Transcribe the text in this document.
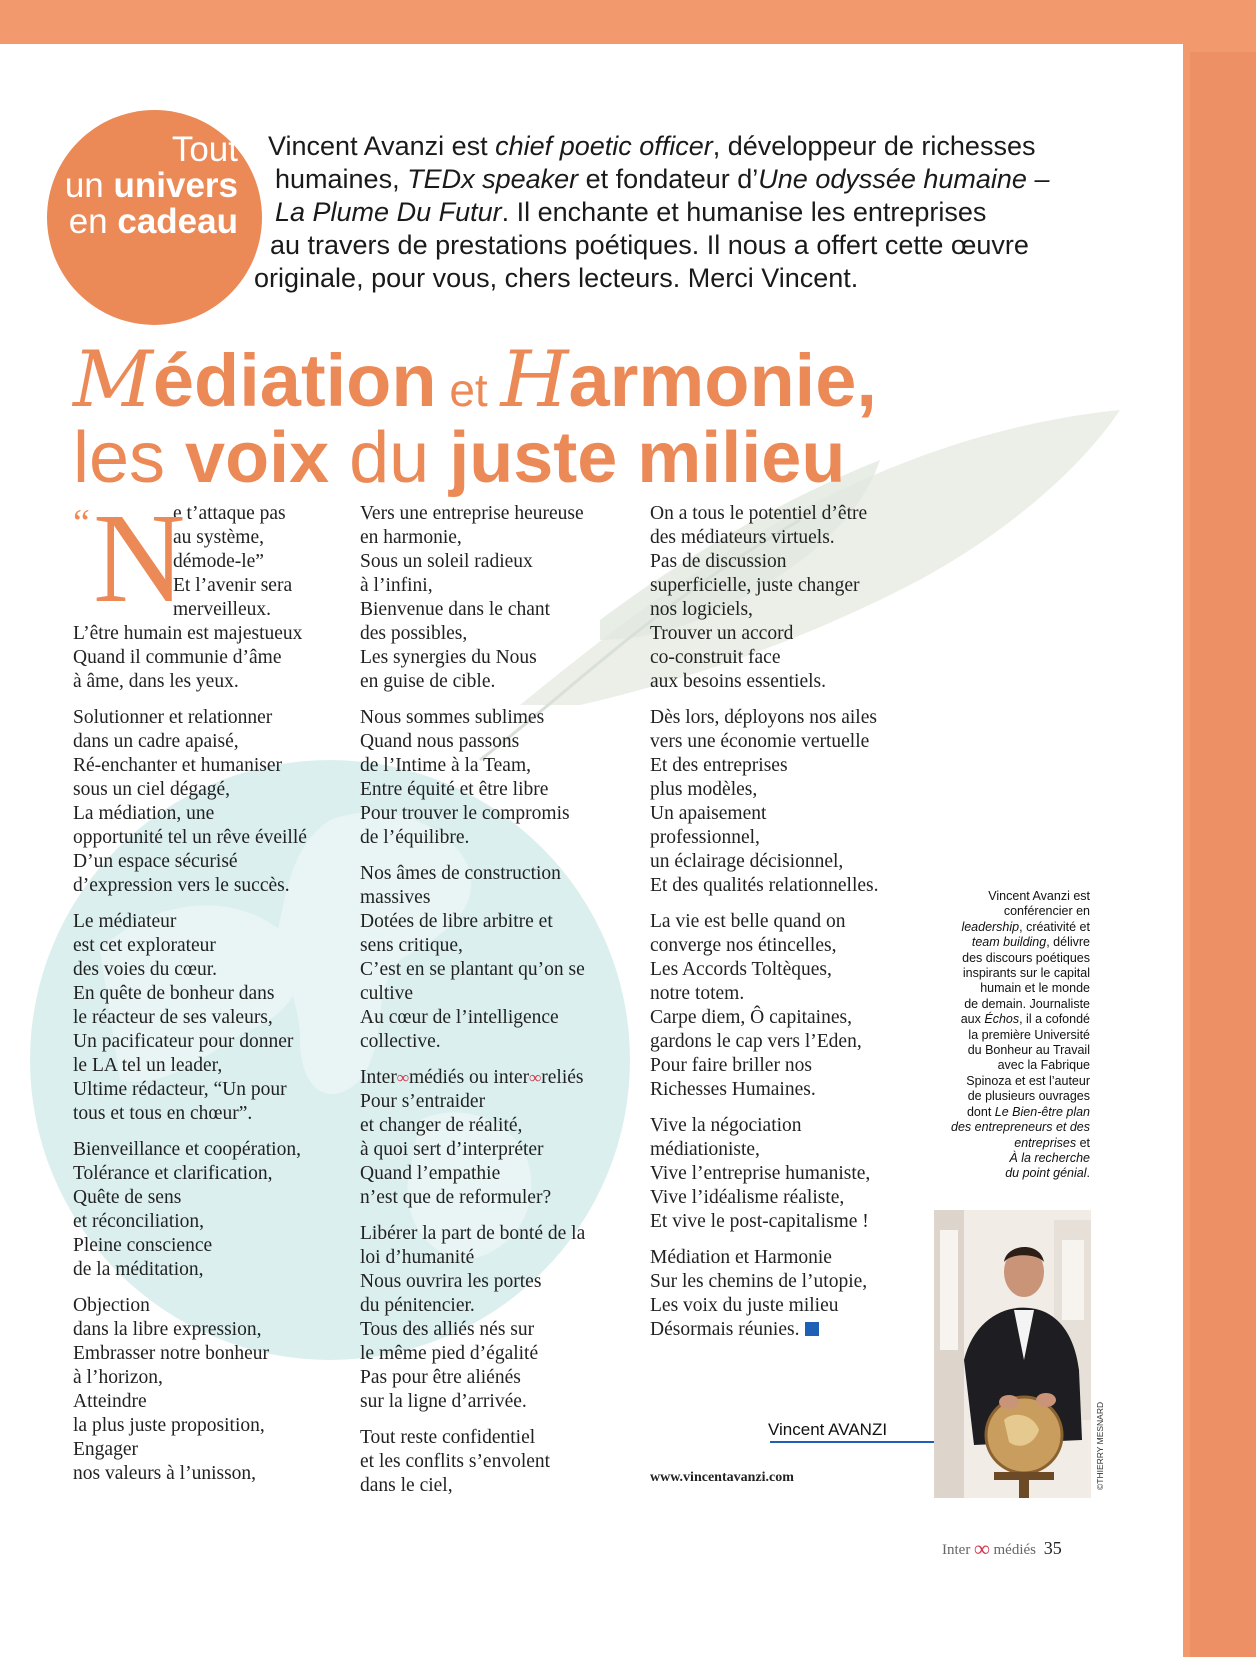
Tout
un univers
en cadeau
Vincent Avanzi est chief poetic officer, développeur de richesses
humaines, TEDx speaker et fondateur d’Une odyssée humaine –
La Plume Du Futur. Il enchante et humanise les entreprises
au travers de prestations poétiques. Il nous a offert cette œuvre
originale, pour vous, chers lecteurs. Merci Vincent.
Médiation et Harmonie,
les voix du juste milieu
“ N
e t’attaque pas
au système,
démode-le”
Et l’avenir sera
merveilleux.

L’être humain est majestueux
Quand il communie d’âme
à âme, dans les yeux.

Solutionner et relationner
dans un cadre apaisé,
Ré-enchanter et humaniser
sous un ciel dégagé,
La médiation, une
opportunité tel un rêve éveillé
D’un espace sécurisé
d’expression vers le succès.

Le médiateur
est cet explorateur
des voies du cœur.
En quête de bonheur dans
le réacteur de ses valeurs,
Un pacificateur pour donner
le LA tel un leader,
Ultime rédacteur, “Un pour
tous et tous en chœur”.

Bienveillance et coopération,
Tolérance et clarification,
Quête de sens
et réconciliation,
Pleine conscience
de la méditation,

Objection
dans la libre expression,
Embrasser notre bonheur
à l’horizon,
Atteindre
la plus juste proposition,
Engager
nos valeurs à l’unisson,

Vers une entreprise heureuse
en harmonie,
Sous un soleil radieux
à l’infini,
Bienvenue dans le chant
des possibles,
Les synergies du Nous
en guise de cible.

Nous sommes sublimes
Quand nous passons
de l’Intime à la Team,
Entre équité et être libre
Pour trouver le compromis
de l’équilibre.

Nos âmes de construction
massives
Dotées de libre arbitre et
sens critique,
C’est en se plantant qu’on se
cultive
Au cœur de l’intelligence
collective.

Inter∞médiés ou inter∞reliés
Pour s’entraider
et changer de réalité,
à quoi sert d’interpréter
Quand l’empathie
n’est que de reformuler?

Libérer la part de bonté de la
loi d’humanité
Nous ouvrira les portes
du pénitencier.
Tous des alliés nés sur
le même pied d’égalité
Pas pour être aliénés
sur la ligne d’arrivée.

Tout reste confidentiel
et les conflits s’envolent
dans le ciel,

On a tous le potentiel d’être
des médiateurs virtuels.
Pas de discussion
superficielle, juste changer
nos logiciels,
Trouver un accord
co-construit face
aux besoins essentiels.

Dès lors, déployons nos ailes
vers une économie vertuelle
Et des entreprises
plus modèles,
Un apaisement
professionnel,
un éclairage décisionnel,
Et des qualités relationnelles.

La vie est belle quand on
converge nos étincelles,
Les Accords Toltèques,
notre totem.
Carpe diem, Ô capitaines,
gardons le cap vers l’Eden,
Pour faire briller nos
Richesses Humaines.

Vive la négociation
médiationiste,
Vive l’entreprise humaniste,
Vive l’idéalisme réaliste,
Et vive le post-capitalisme !

Médiation et Harmonie
Sur les chemins de l’utopie,
Les voix du juste milieu
Désormais réunies.

Vincent AVANZI
www.vincentavanzi.com
Vincent Avanzi est
conférencier en
leadership, créativité et
team building, délivre
des discours poétiques
inspirants sur le capital
humain et le monde
de demain. Journaliste
aux Échos, il a cofondé
la première Université
du Bonheur au Travail
avec la Fabrique
Spinoza et est l’auteur
de plusieurs ouvrages
dont Le Bien-être plan
des entrepreneurs et des
entreprises et
À la recherche
du point génial.
©THIERRY MESNARD
Inter ∞ médiés 35
